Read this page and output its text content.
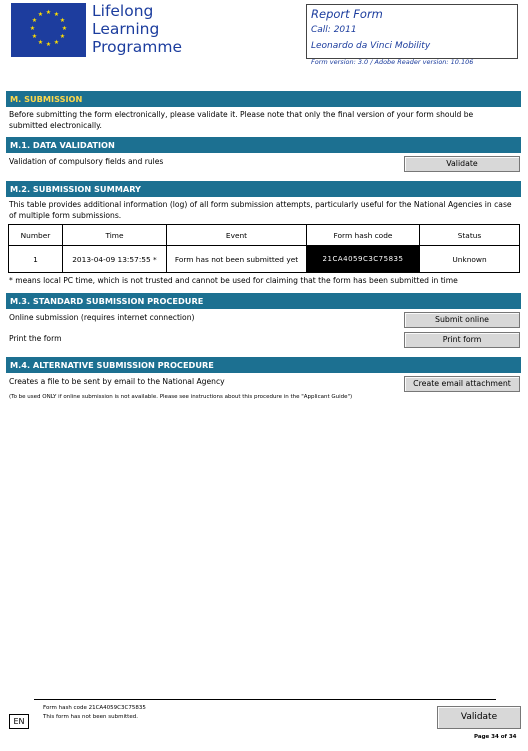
★ ★
★
★
★
★
★
★
★
★
★
★	Lifelong
Learning
Programme
Report Form
Call: 2011
Leonardo da Vinci Mobility
Form version: 3.0 / Adobe Reader version: 10.106
M. SUBMISSION
Before submitting the form electronically, please validate it. Please note that only the final version of your form should be submitted electronically.
M.1. DATA VALIDATION
Validation of compulsory fields and rules	Validate
M.2. SUBMISSION SUMMARY
This table provides additional information (log) of all form submission attempts, particularly useful for the National Agencies in case of multiple form submissions.
Number	Time	Event	Form hash code	Status
1	2013-04-09 13:57:55 *	Form has not been submitted yet	21CA4059C3C75835	Unknown
* means local PC time, which is not trusted and cannot be used for claiming that the form has been submitted in time
M.3. STANDARD SUBMISSION PROCEDURE
Online submission (requires internet connection)	Submit online
Print the form	Print form
M.4. ALTERNATIVE SUBMISSION PROCEDURE
Creates a file to be sent by email to the National Agency	Create email attachment
(To be used ONLY if online submission is not available. Please see instructions about this procedure in the "Applicant Guide")
Form hash code 21CA4059C3C75835
This form has not been submitted.
EN	Validate
Page 34 of 34
